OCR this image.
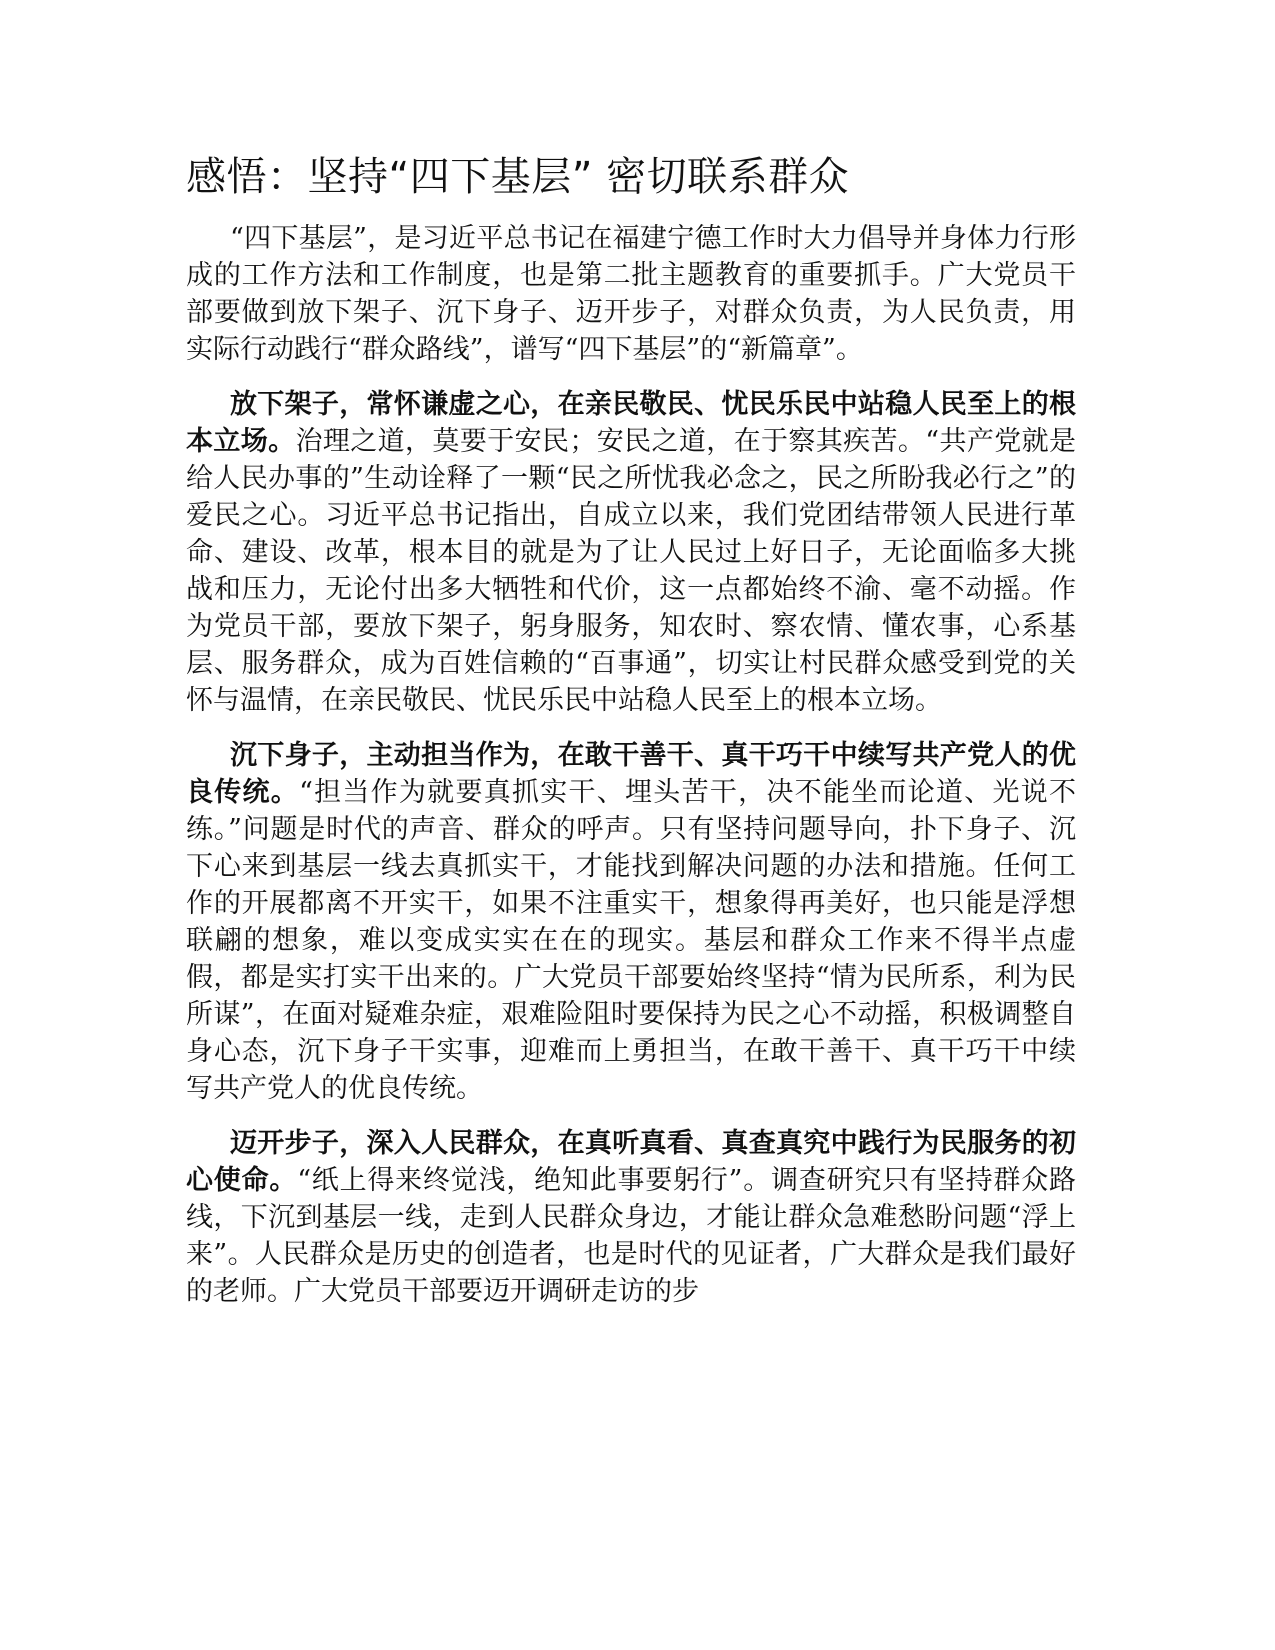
感悟：坚持“四下基层” 密切联系群众

“四下基层”，是习近平总书记在福建宁德工作时大力倡导并身体力行形成的工作方法和工作制度，也是第二批主题教育的重要抓手。广大党员干部要做到放下架子、沉下身子、迈开步子，对群众负责，为人民负责，用实际行动践行“群众路线”，谱写“四下基层”的“新篇章”。

放下架子，常怀谦虚之心，在亲民敬民、忧民乐民中站稳人民至上的根本立场。治理之道，莫要于安民；安民之道，在于察其疾苦。“共产党就是给人民办事的”生动诠释了一颗“民之所忧我必念之，民之所盼我必行之”的爱民之心。习近平总书记指出，自成立以来，我们党团结带领人民进行革命、建设、改革，根本目的就是为了让人民过上好日子，无论面临多大挑战和压力，无论付出多大牺牲和代价，这一点都始终不渝、毫不动摇。作为党员干部，要放下架子，躬身服务，知农时、察农情、懂农事，心系基层、服务群众，成为百姓信赖的“百事通”，切实让村民群众感受到党的关怀与温情，在亲民敬民、忧民乐民中站稳人民至上的根本立场。

沉下身子，主动担当作为，在敢干善干、真干巧干中续写共产党人的优良传统。“担当作为就要真抓实干、埋头苦干，决不能坐而论道、光说不练。”问题是时代的声音、群众的呼声。只有坚持问题导向，扑下身子、沉下心来到基层一线去真抓实干，才能找到解决问题的办法和措施。任何工作的开展都离不开实干，如果不注重实干，想象得再美好，也只能是浮想联翩的想象，难以变成实实在在的现实。基层和群众工作来不得半点虚假，都是实打实干出来的。广大党员干部要始终坚持“情为民所系，利为民所谋”，在面对疑难杂症，艰难险阻时要保持为民之心不动摇，积极调整自身心态，沉下身子干实事，迎难而上勇担当，在敢干善干、真干巧干中续写共产党人的优良传统。

迈开步子，深入人民群众，在真听真看、真查真究中践行为民服务的初心使命。“纸上得来终觉浅，绝知此事要躬行”。调查研究只有坚持群众路线，下沉到基层一线，走到人民群众身边，才能让群众急难愁盼问题“浮上来”。人民群众是历史的创造者，也是时代的见证者，广大群众是我们最好的老师。广大党员干部要迈开调研走访的步
